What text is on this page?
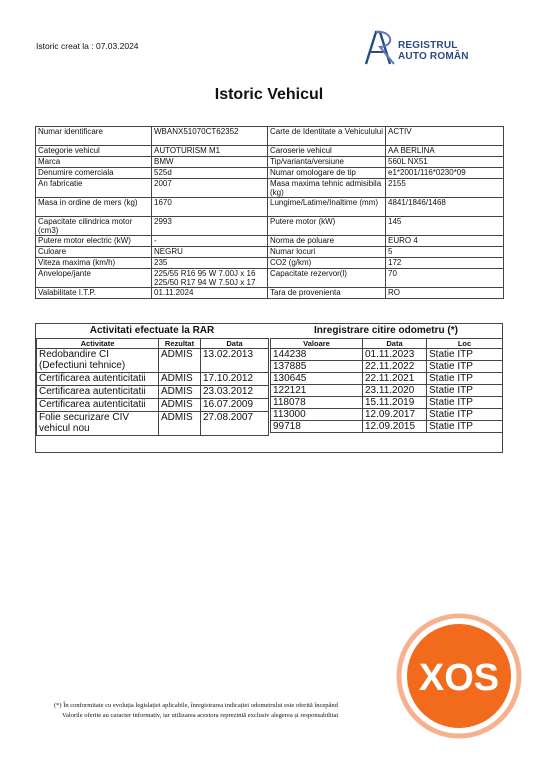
Istoric creat la : 07.03.2024	REGISTRUL
AUTO ROMÂN
Istoric Vehicul
Numar identificare	WBANX51070CT62352	Carte de Identitate a Vehiculului	ACTIV
Categorie vehicul	AUTOTURISM M1	Caroserie vehicul	AA BERLINA
Marca	BMW	Tip/varianta/versiune	560L NX51
Denumire comerciala	525d	Numar omologare de tip	e1*2001/116*0230*09
An fabricatie	2007	Masa maxima tehnic admisibila (kg)	2155
Masa in ordine de mers (kg)	1670	Lungime/Latime/Inaltime (mm)	4841/1846/1468
Capacitate cilindrica motor (cm3)	2993	Putere motor (kW)	145
Putere motor electric (kW)	-	Norma de poluare	EURO 4
Culoare	NEGRU	Numar locuri	5
Viteza maxima (km/h)	235	CO2 (g/km)	172
Anvelope/jante	225/55 R16 95 W 7.00J x 16 225/50 R17 94 W 7.50J x 17	Capacitate rezervor(l)	70
Valabilitate I.T.P.	01.11.2024	Tara de provenienta	RO
Activitati efectuate la RAR
Activitate	Rezultat	Data
Redobandire CI (Defectiuni tehnice)	ADMIS	13.02.2013
Certificarea autenticitatii	ADMIS	17.10.2012
Certificarea autenticitatii	ADMIS	23.03.2012
Certificarea autenticitatii	ADMIS	16.07.2009
Folie securizare CIV vehicul nou	ADMIS	27.08.2007
Inregistrare citire odometru (*)
Valoare	Data	Loc
144238	01.11.2023	Statie ITP
137885	22.11.2022	Statie ITP
130645	22.11.2021	Statie ITP
122121	23.11.2020	Statie ITP
118078	15.11.2019	Statie ITP
113000	12.09.2017	Statie ITP
99718	12.09.2015	Statie ITP
(*) În conformitate cu evoluția legislației aplicabile, înregistrarea indicației odometrului este oferită începând
Valorile oferite au caracter informativ, iar utilizarea acestora reprezintă exclusiv alegerea și responsabilitat
XOS
